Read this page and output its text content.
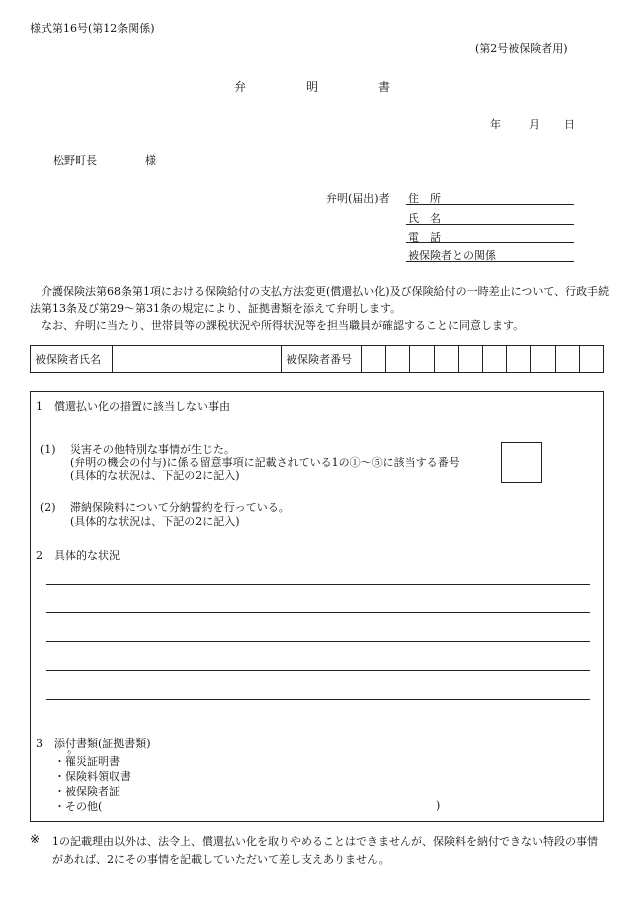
様式第16号(第12条関係)
(第2号被保険者用)
弁	明	書
年	月 日
松野町長	様
弁明(届出)者 住　所
氏　名
電　話
被保険者との関係

介護保険法第68条第1項における保険給付の支払方法変更(償還払い化)及び保険給付の一時差止について、行政手続法第13条及び第29〜第31条の規定により、証拠書類を添えて弁明します。

なお、弁明に当たり、世帯員等の課税状況や所得状況等を担当職員が確認することに同意します。

被保険者氏名		被保険者番号										
1　償還払い化の措置に該当しない事由
(1) 災害その他特別な事情が生じた。
(弁明の機会の付与)に係る留意事項に記載されている1の①〜⑤に該当する番号
(具体的な状況は、下記の2に記入)
(2) 滞納保険料について分納誓約を行っている。
(具体的な状況は、下記の2に記入)
2　具体的な状況
3　添付書類(証拠書類)
り
・罹災証明書
・保険料領収書
・被保険者証
・その他(	)
※ 1の記載理由以外は、法令上、償還払い化を取りやめることはできませんが、保険料を納付できない特段の事情があれば、2にその事情を記載していただいて差し支えありません。
